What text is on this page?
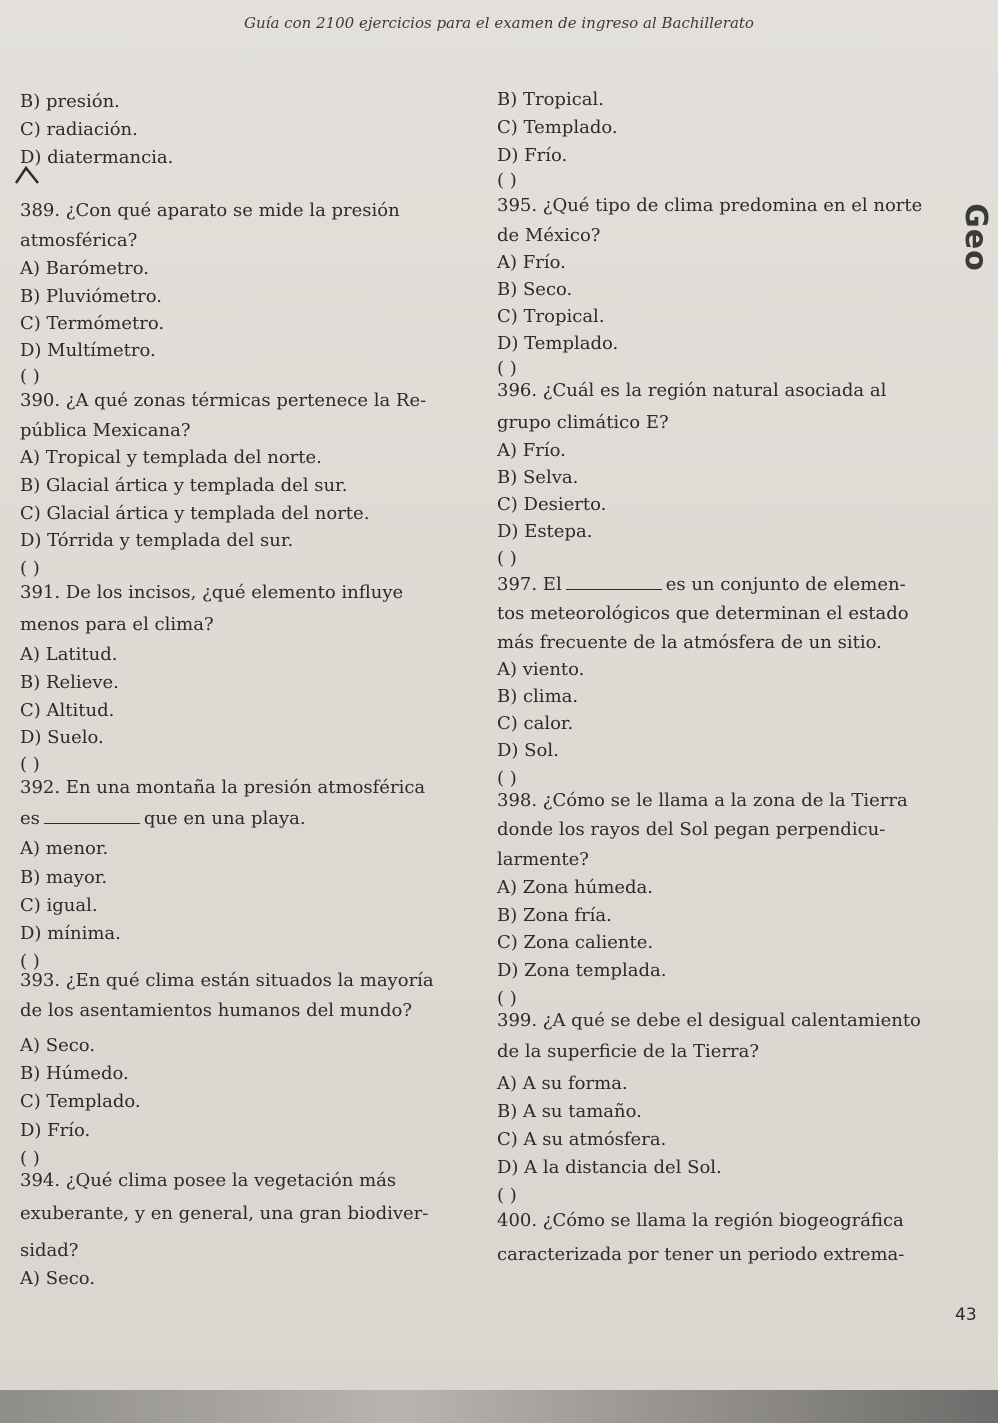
Guía con 2100 ejercicios para el examen de ingreso al Bachillerato
Geo
B) presión.
C) radiación.
D) diatermancia.
389. ¿Con qué aparato se mide la presión
atmosférica?
A) Barómetro.
B) Pluviómetro.
C) Termómetro.
D) Multímetro.
( )
390. ¿A qué zonas térmicas pertenece la Re-
pública Mexicana?
A) Tropical y templada del norte.
B) Glacial ártica y templada del sur.
C) Glacial ártica y templada del norte.
D) Tórrida y templada del sur.
( )
391. De los incisos, ¿qué elemento influye
menos para el clima?
A) Latitud.
B) Relieve.
C) Altitud.
D) Suelo.
( )
392. En una montaña la presión atmosférica
es	que en una playa.
A) menor.
B) mayor.
C) igual.
D) mínima.
( )
393. ¿En qué clima están situados la mayoría
de los asentamientos humanos del mundo?
A) Seco.
B) Húmedo.
C) Templado.
D) Frío.
( )
394. ¿Qué clima posee la vegetación más
exuberante, y en general, una gran biodiver-
sidad?
A) Seco.
B) Tropical.
C) Templado.
D) Frío.
( )
395. ¿Qué tipo de clima predomina en el norte
de México?
A) Frío.
B) Seco.
C) Tropical.
D) Templado.
( )
396. ¿Cuál es la región natural asociada al
grupo climático E?
A) Frío.
B) Selva.
C) Desierto.
D) Estepa.
( )
397. El	es un conjunto de elemen-
tos meteorológicos que determinan el estado
más frecuente de la atmósfera de un sitio.
A) viento.
B) clima.
C) calor.
D) Sol.
( )
398. ¿Cómo se le llama a la zona de la Tierra
donde los rayos del Sol pegan perpendicu-
larmente?
A) Zona húmeda.
B) Zona fría.
C) Zona caliente.
D) Zona templada.
( )
399. ¿A qué se debe el desigual calentamiento
de la superficie de la Tierra?
A) A su forma.
B) A su tamaño.
C) A su atmósfera.
D) A la distancia del Sol.
( )
400. ¿Cómo se llama la región biogeográfica
caracterizada por tener un periodo extrema-
43
